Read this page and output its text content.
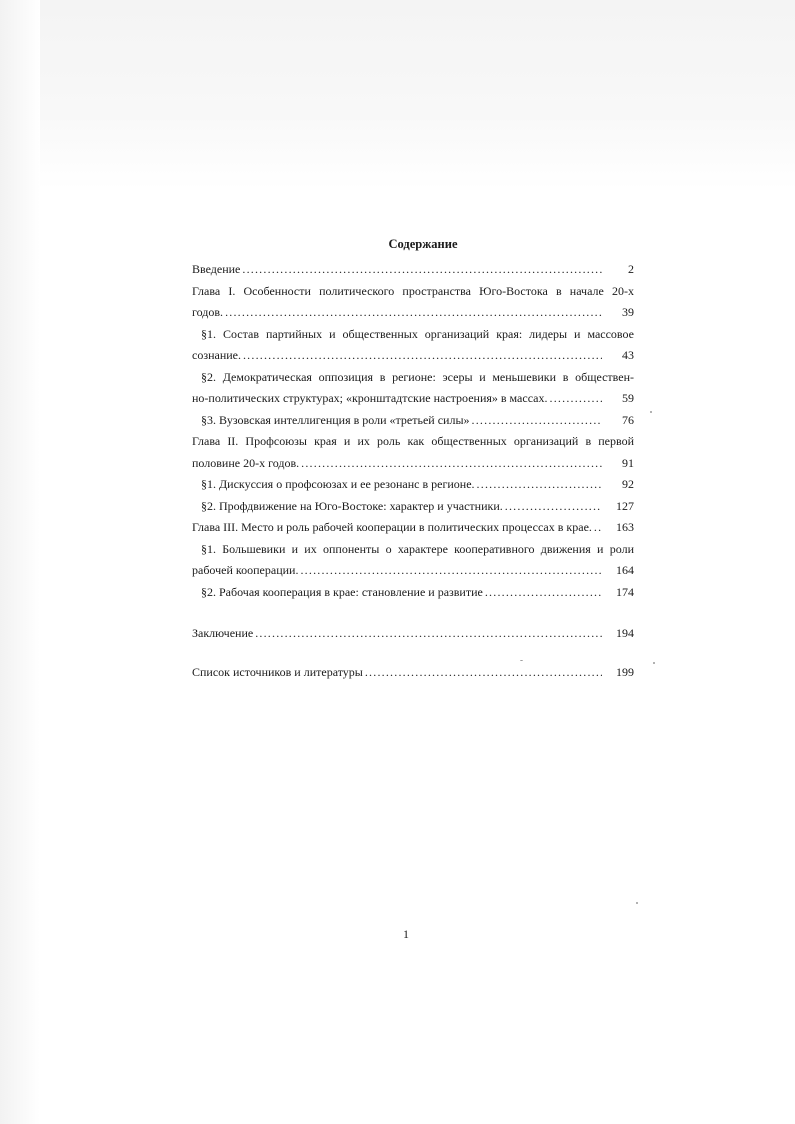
Содержание
Введение . . .	2
Глава I. Особенности политического пространства Юго-Востока в начале 20-х
годов. . . .	39
§1. Состав партийных и общественных организаций края: лидеры и массовое
сознание. . . .	43
§2. Демократическая оппозиция в регионе: эсеры и меньшевики в обществен-
но-политических структурах; «кронштадтские настроения» в массах. . . .	59
§3. Вузовская интеллигенция в роли «третьей силы» . . .	76
Глава II. Профсоюзы края и их роль как общественных организаций в первой
половине 20-х годов. . . .	91
§1. Дискуссия о профсоюзах и ее резонанс в регионе. . . .	92
§2. Профдвижение на Юго-Востоке: характер и участники. . . .	127
Глава III. Место и роль рабочей кооперации в политических процессах в крае. . . .	163
§1. Большевики и их оппоненты о характере кооперативного движения и роли
рабочей кооперации. . . .	164
§2. Рабочая кооперация в крае: становление и развитие . . .	174
Заключение . . .	194
Список источников и литературы . . .	199
1
